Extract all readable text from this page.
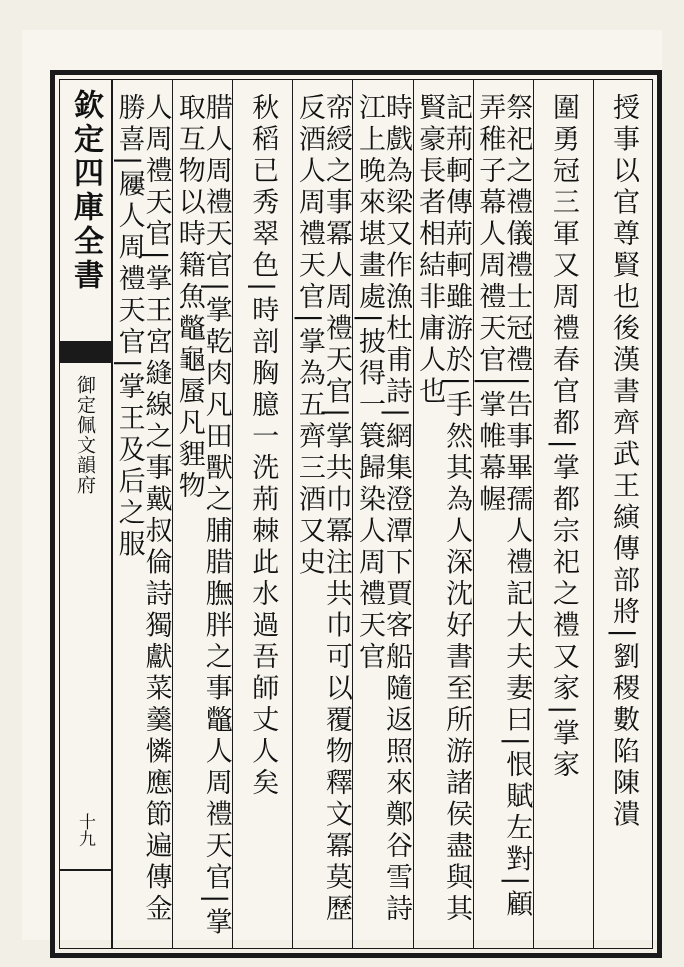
欽定四庫全書
御定佩文韻府
十九	授事以官尊賢也後漢書齊武王縯傳部將|劉稷數陷陳潰
圍勇冠三軍又周禮春官都|掌都宗祀之禮又家|掌家
祭祀之禮儀禮士冠禮|告事畢孺人禮記大夫妻曰|恨賦左對|顧弄稚子幕人周禮天官|掌帷幕幄
記荊軻傳荊軻雖游於|手然其為人深沈好書至所游諸侯盡與其賢豪長者相結非庸人也
時戲為梁又作漁杜甫詩|網集澄潭下賈客船隨返照來鄭谷雪詩江上晚來堪畫處|披得一簑歸染人周禮天官
帟綬之事冪人周禮天官|掌共巾冪注共巾可以覆物釋文冪莫歷反酒人周禮天官|掌為五齊三酒又史
秋稻已秀翠色|時剖胸臆一洗荊棘此水過吾師丈人矣
腊人周禮天官|掌乾肉凡田獸之脯腊膴胖之事鼈人周禮天官|掌取互物以時籍魚鼈龜蜃凡貍物
人周禮天官|掌王宮縫線之事戴叔倫詩獨獻菜羹憐應節遍傳金勝喜|屨人周禮天官|掌王及后之服
